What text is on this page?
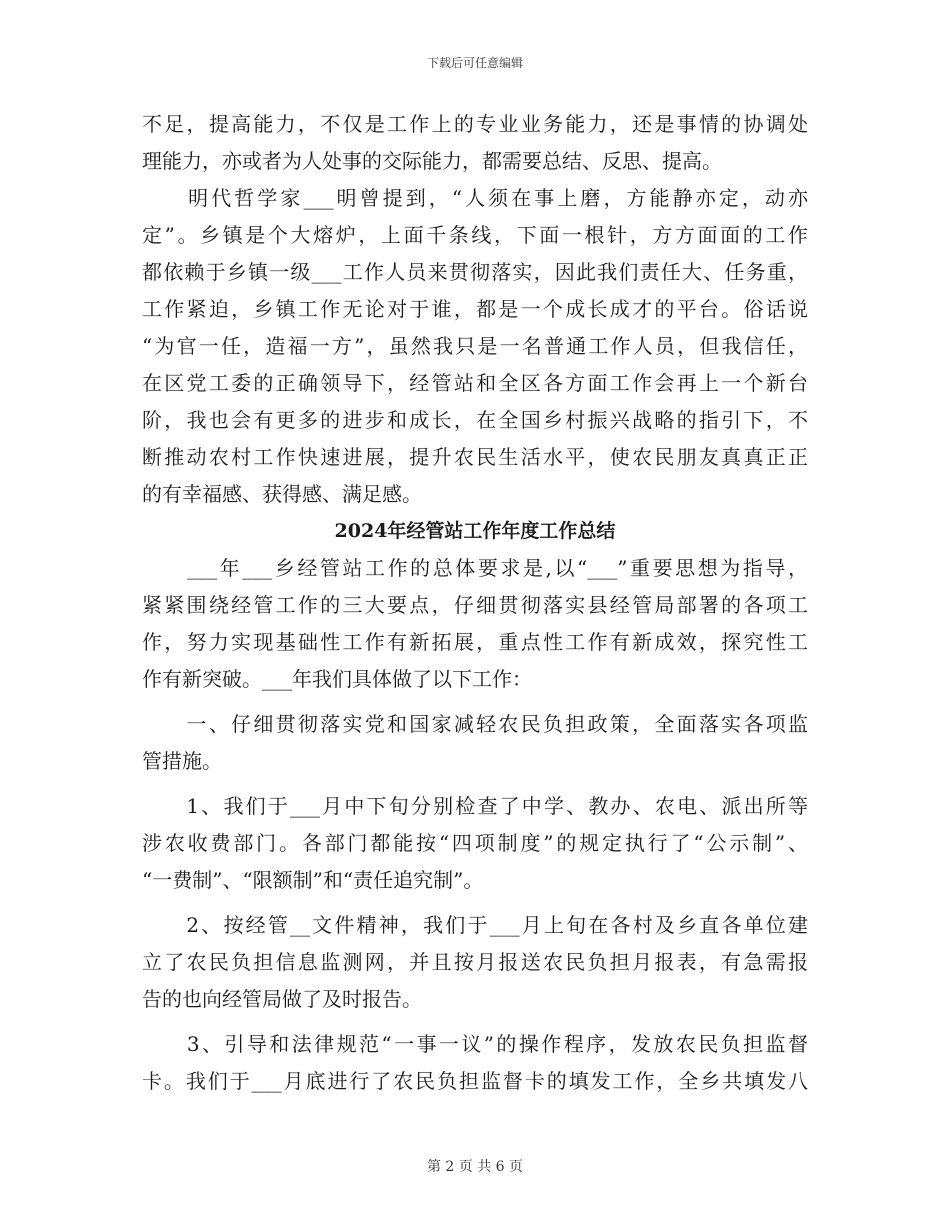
下载后可任意编辑
不足，提高能力，不仅是工作上的专业业务能力，还是事情的协调处
理能力，亦或者为人处事的交际能力，都需要总结、反思、提高。
　　明代哲学家___明曾提到，“人须在事上磨，方能静亦定，动亦
定”。乡镇是个大熔炉，上面千条线，下面一根针，方方面面的工作
都依赖于乡镇一级___工作人员来贯彻落实，因此我们责任大、任务重，
工作紧迫，乡镇工作无论对于谁，都是一个成长成才的平台。俗话说
“为官一任，造福一方”，虽然我只是一名普通工作人员，但我信任，
在区党工委的正确领导下，经管站和全区各方面工作会再上一个新台
阶，我也会有更多的进步和成长，在全国乡村振兴战略的指引下，不
断推动农村工作快速进展，提升农民生活水平，使农民朋友真真正正
的有幸福感、获得感、满足感。
2024年经管站工作年度工作总结
　　___年___乡经管站工作的总体要求是,以“___”重要思想为指导，
紧紧围绕经管工作的三大要点，仔细贯彻落实县经管局部署的各项工
作，努力实现基础性工作有新拓展，重点性工作有新成效，探究性工
作有新突破。___年我们具体做了以下工作：
　　一、仔细贯彻落实党和国家减轻农民负担政策，全面落实各项监
管措施。
　　1、我们于___月中下旬分别检查了中学、教办、农电、派出所等
涉农收费部门。各部门都能按“四项制度”的规定执行了“公示制”、
“一费制”、“限额制”和“责任追究制”。
　　2、按经管__文件精神，我们于___月上旬在各村及乡直各单位建
立了农民负担信息监测网，并且按月报送农民负担月报表，有急需报
告的也向经管局做了及时报告。
　　3、引导和法律规范“一事一议”的操作程序，发放农民负担监督
卡。我们于___月底进行了农民负担监督卡的填发工作，全乡共填发八
第 2 页 共 6 页
